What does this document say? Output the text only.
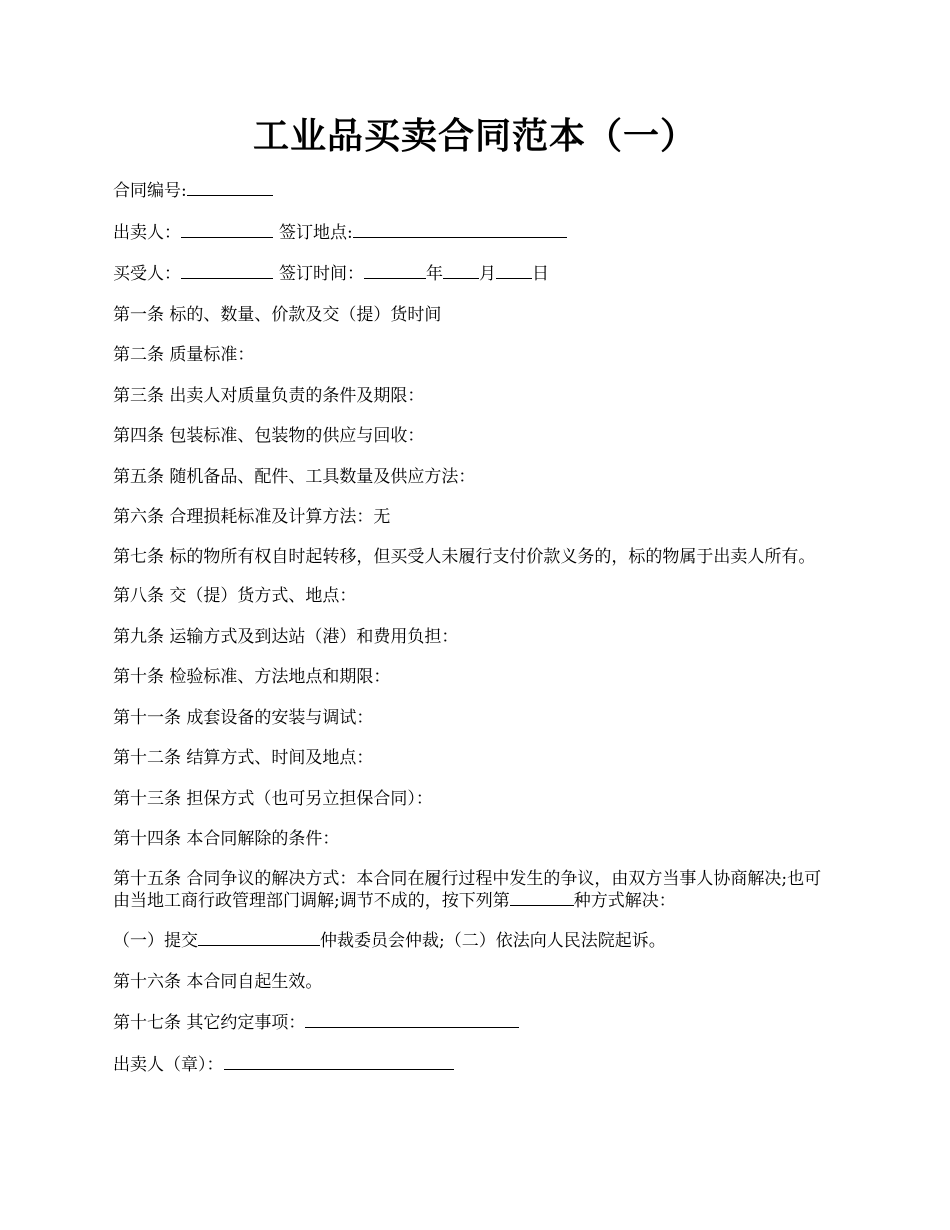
工业品买卖合同范本（一）

合同编号:

出卖人：	签订地点:

买受人：	签订时间：	年 月 日

第一条 标的、数量、价款及交（提）货时间

第二条 质量标准：

第三条 出卖人对质量负责的条件及期限：

第四条 包装标准、包装物的供应与回收：

第五条 随机备品、配件、工具数量及供应方法：

第六条 合理损耗标准及计算方法：无

第七条 标的物所有权自时起转移，但买受人未履行支付价款义务的，标的物属于出卖人所有。

第八条 交（提）货方式、地点：

第九条 运输方式及到达站（港）和费用负担：

第十条 检验标准、方法地点和期限：

第十一条 成套设备的安装与调试：

第十二条 结算方式、时间及地点：

第十三条 担保方式（也可另立担保合同）：

第十四条 本合同解除的条件：

第十五条 合同争议的解决方式：本合同在履行过程中发生的争议，由双方当事人协商解决;也可由当地工商行政管理部门调解;调节不成的，按下列第	种方式解决：

（一）提交	仲裁委员会仲裁;（二）依法向人民法院起诉。

第十六条 本合同自起生效。

第十七条 其它约定事项：

出卖人（章）：
